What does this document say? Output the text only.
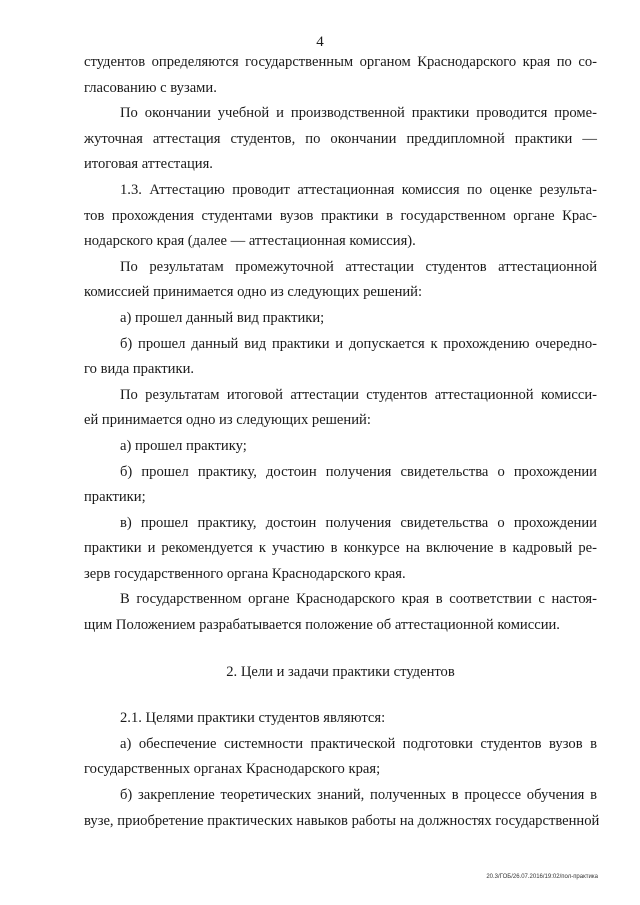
4
студентов определяются государственным органом Краснодарского края по со-
гласованию с вузами.
По окончании учебной и производственной практики проводится проме-
жуточная аттестация студентов, по окончании преддипломной практики —
итоговая аттестация.
1.3. Аттестацию проводит аттестационная комиссия по оценке результа-
тов прохождения студентами вузов практики в государственном органе Крас-
нодарского края (далее — аттестационная комиссия).
По результатам промежуточной аттестации студентов аттестационной
комиссией принимается одно из следующих решений:
а) прошел данный вид практики;
б) прошел данный вид практики и допускается к прохождению очередно-
го вида практики.
По результатам итоговой аттестации студентов аттестационной комисси-
ей принимается одно из следующих решений:
а) прошел практику;
б) прошел практику, достоин получения свидетельства о прохождении
практики;
в) прошел практику, достоин получения свидетельства о прохождении
практики и рекомендуется к участию в конкурсе на включение в кадровый ре-
зерв государственного органа Краснодарского края.
В государственном органе Краснодарского края в соответствии с настоя-
щим Положением разрабатывается положение об аттестационной комиссии.
2. Цели и задачи практики студентов
2.1. Целями практики студентов являются:
а) обеспечение системности практической подготовки студентов вузов в
государственных органах Краснодарского края;
б) закрепление теоретических знаний, полученных в процессе обучения в
вузе, приобретение практических навыков работы на должностях государственной
20.3/ГОБ/26.07.2016/19:02/пол-практика
